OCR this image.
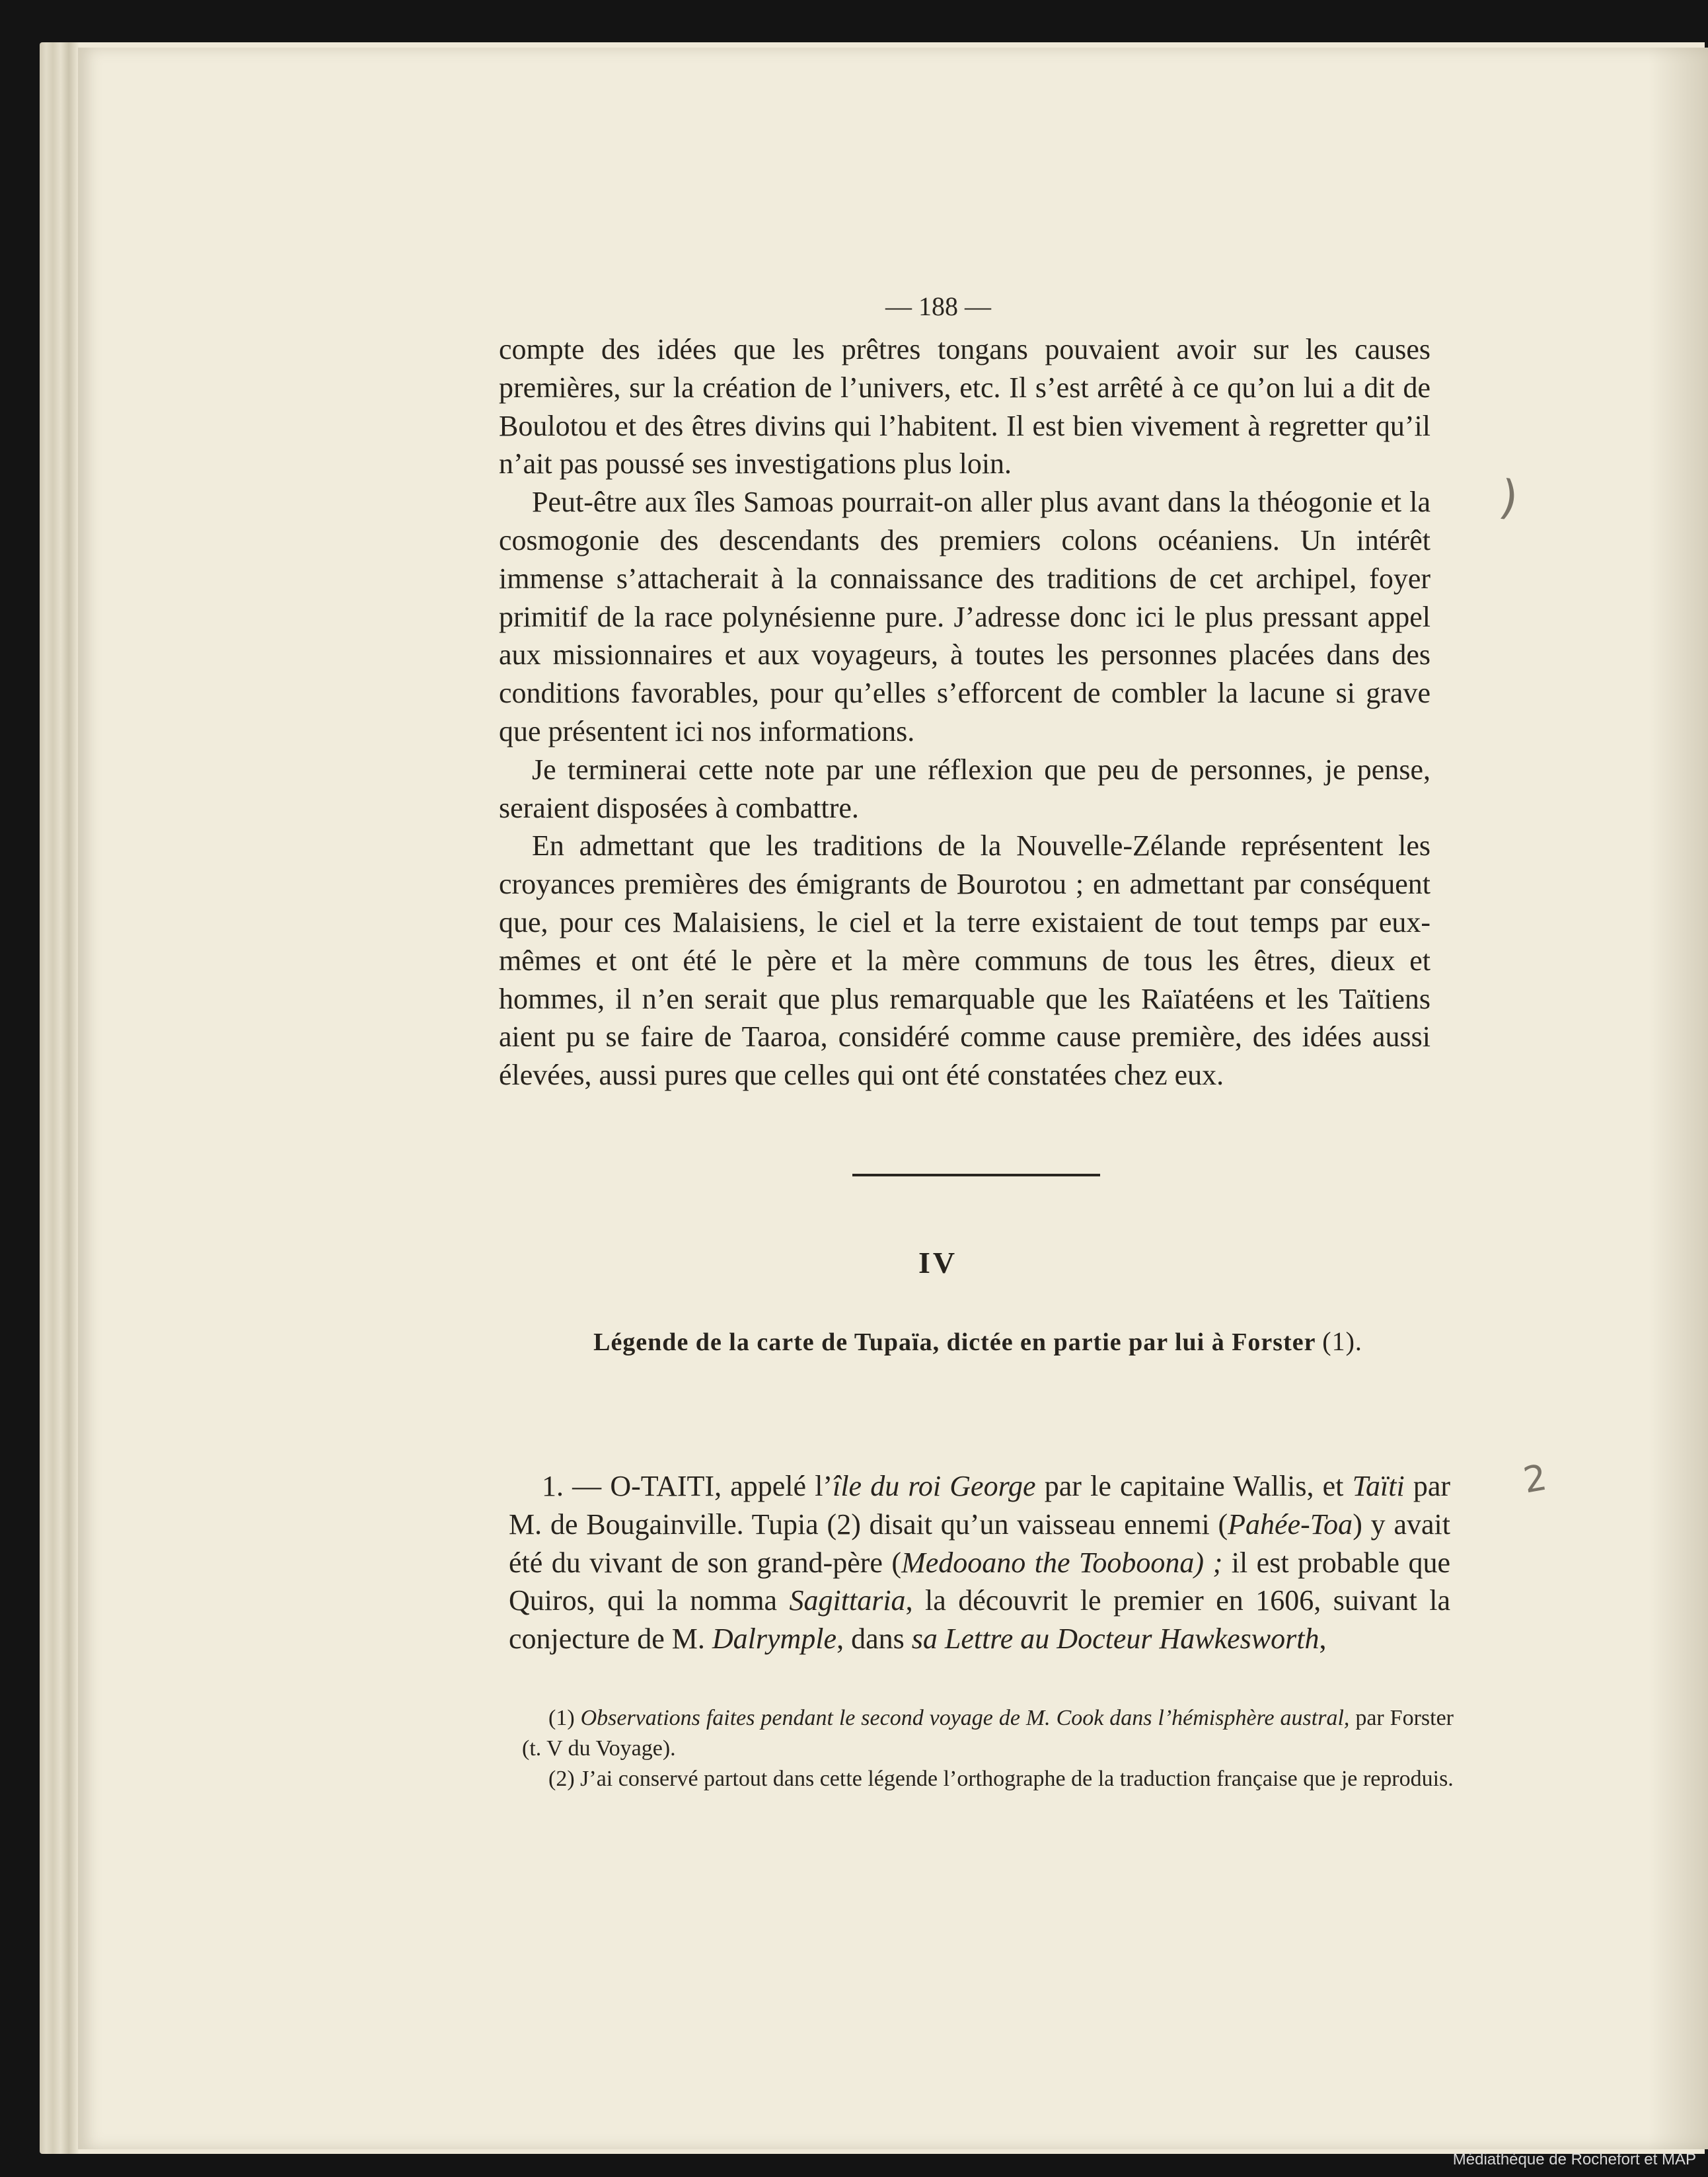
— 188 —

compte des idées que les prêtres tongans pouvaient avoir sur les causes premières, sur la création de l’univers, etc. Il s’est arrêté à ce qu’on lui a dit de Boulotou et des êtres divins qui l’habitent. Il est bien vivement à regretter qu’il n’ait pas poussé ses investigations plus loin.

Peut-être aux îles Samoas pourrait-on aller plus avant dans la théogonie et la cosmogonie des descendants des premiers colons océaniens. Un intérêt immense s’attacherait à la connaissance des traditions de cet archipel, foyer primitif de la race polynésienne pure. J’adresse donc ici le plus pressant appel aux missionnaires et aux voyageurs, à toutes les personnes placées dans des conditions favorables, pour qu’elles s’efforcent de combler la lacune si grave que présentent ici nos informations.

Je terminerai cette note par une réflexion que peu de personnes, je pense, seraient disposées à combattre.

En admettant que les traditions de la Nouvelle-Zélande représentent les croyances premières des émigrants de Bourotou ; en admettant par conséquent que, pour ces Malaisiens, le ciel et la terre existaient de tout temps par eux-mêmes et ont été le père et la mère communs de tous les êtres, dieux et hommes, il n’en serait que plus remarquable que les Raïatéens et les Taïtiens aient pu se faire de Taaroa, considéré comme cause première, des idées aussi élevées, aussi pures que celles qui ont été constatées chez eux.

IV
Légende de la carte de Tupaïa, dictée en partie par lui à Forster (1).

1. — O-TAITI, appelé l’île du roi George par le capitaine Wallis, et Taïti par M. de Bougainville. Tupia (2) disait qu’un vaisseau ennemi (Pahée-Toa) y avait été du vivant de son grand-père (Medooano the Tooboona) ; il est probable que Quiros, qui la nomma Sagittaria, la découvrit le premier en 1606, suivant la conjecture de M. Dalrymple, dans sa Lettre au Docteur Hawkesworth,

(1) Observations faites pendant le second voyage de M. Cook dans l’hémisphère austral, par Forster (t. V du Voyage).

(2) J’ai conservé partout dans cette légende l’orthographe de la traduction française que je reproduis.

)
2
Médiathèque de Rochefort et MAP
